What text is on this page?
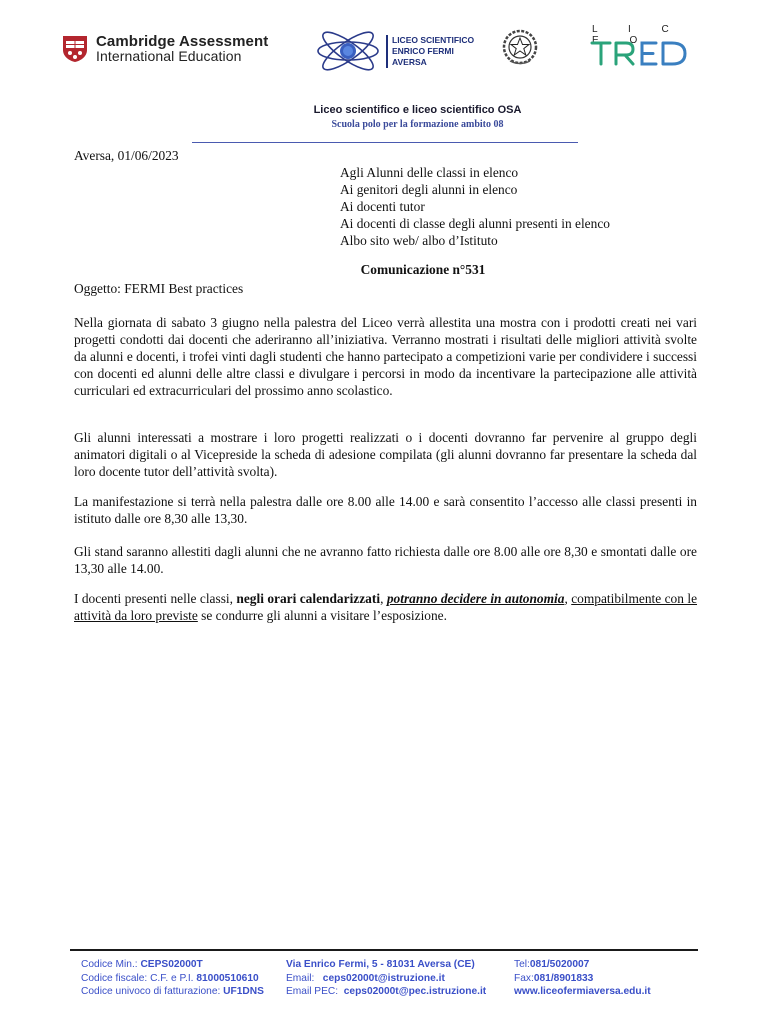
Cambridge Assessment
International Education
LICEO SCIENTIFICO
ENRICO FERMI
AVERSA
L I C E O
Liceo scientifico e liceo scientifico OSA
Scuola polo per la formazione ambito 08
Aversa, 01/06/2023
Agli Alunni delle classi in elenco
Ai genitori degli alunni in elenco
Ai docenti tutor
Ai docenti di classe degli alunni presenti in elenco
Albo sito web/ albo d’Istituto
Comunicazione n°531
Oggetto: FERMI Best practices
Nella giornata di sabato 3 giugno nella palestra del Liceo verrà allestita una mostra con i prodotti creati nei vari progetti condotti dai docenti che aderiranno all’iniziativa. Verranno mostrati i risultati delle migliori attività svolte da alunni e docenti, i trofei vinti dagli studenti che hanno partecipato a competizioni varie per condividere i successi con docenti ed alunni delle altre classi e divulgare i percorsi in modo da incentivare la partecipazione alle attività curriculari ed extracurriculari del prossimo anno scolastico.
Gli alunni interessati a mostrare i loro progetti realizzati o i docenti dovranno far pervenire al gruppo degli animatori digitali o al Vicepreside la scheda di adesione compilata (gli alunni dovranno far presentare la scheda dal loro docente tutor dell’attività svolta).
La manifestazione si terrà nella palestra dalle ore 8.00 alle 14.00 e sarà consentito l’accesso alle classi presenti in istituto dalle ore 8,30 alle 13,30.
Gli stand saranno allestiti dagli alunni che ne avranno fatto richiesta dalle ore 8.00 alle ore 8,30 e smontati dalle ore 13,30 alle 14.00.
I docenti presenti nelle classi, negli orari calendarizzati, potranno decidere in autonomia, compatibilmente con le attività da loro previste se condurre gli alunni a visitare l’esposizione.
Codice Min.: CEPS02000T
Codice fiscale: C.F. e P.I. 81000510610
Codice univoco di fatturazione: UF1DNS
Via Enrico Fermi, 5 - 81031 Aversa (CE)
Email:   ceps02000t@istruzione.it
Email PEC:  ceps02000t@pec.istruzione.it
Tel:081/5020007
Fax:081/8901833
www.liceofermiaversa.edu.it
